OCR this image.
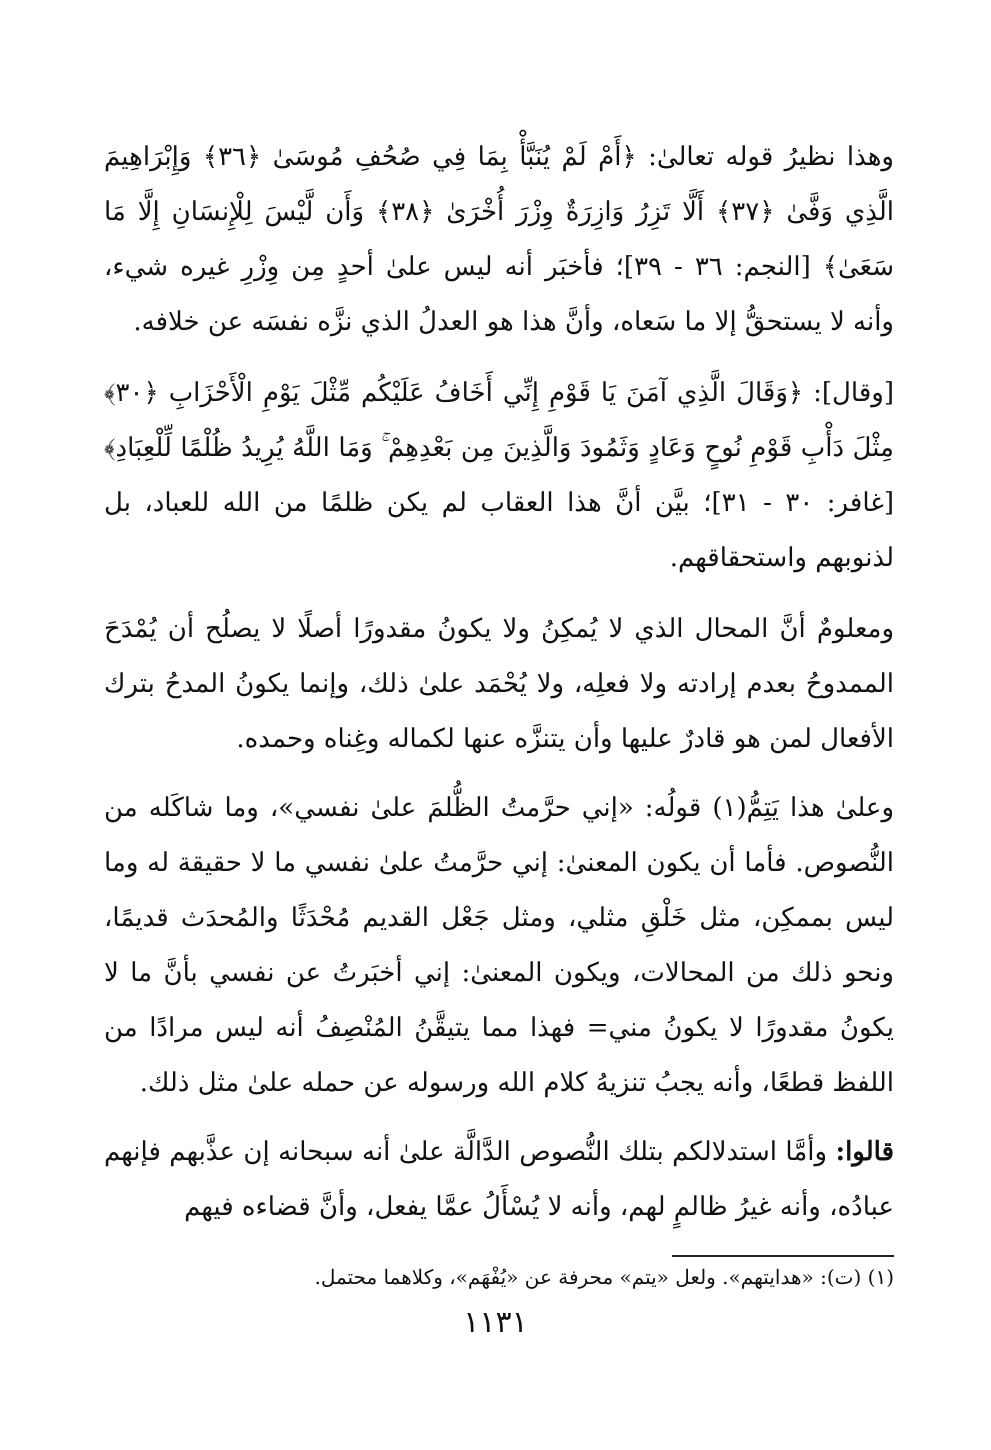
وهذا نظيرُ قوله تعالىٰ: ﴿أَمْ لَمْ يُنَبَّأْ بِمَا فِي صُحُفِ مُوسَىٰ ﴿٣٦﴾ وَإِبْرَاهِيمَ الَّذِي وَفَّىٰ ﴿٣٧﴾ أَلَّا تَزِرُ وَازِرَةٌ وِزْرَ أُخْرَىٰ ﴿٣٨﴾ وَأَن لَّيْسَ لِلْإِنسَانِ إِلَّا مَا سَعَىٰ﴾ [النجم: ٣٦ - ٣٩]؛ فأخبَر أنه ليس علىٰ أحدٍ مِن وِزْرِ غيره شيء، وأنه لا يستحقُّ إلا ما سَعاه، وأنَّ هذا هو العدلُ الذي نزَّه نفسَه عن خلافه.

[وقال]: ﴿وَقَالَ الَّذِي آمَنَ يَا قَوْمِ إِنِّي أَخَافُ عَلَيْكُم مِّثْلَ يَوْمِ الْأَحْزَابِ ﴿٣٠﴾ مِثْلَ دَأْبِ قَوْمِ نُوحٍ وَعَادٍ وَثَمُودَ وَالَّذِينَ مِن بَعْدِهِمْ ۚ وَمَا اللَّهُ يُرِيدُ ظُلْمًا لِّلْعِبَادِ﴾ [غافر: ٣٠ - ٣١]؛ بيَّن أنَّ هذا العقاب لم يكن ظلمًا من الله للعباد، بل لذنوبهم واستحقاقهم.

ومعلومٌ أنَّ المحال الذي لا يُمكِنُ ولا يكونُ مقدورًا أصلًا لا يصلُح أن يُمْدَحَ الممدوحُ بعدم إرادته ولا فعلِه، ولا يُحْمَد علىٰ ذلك، وإنما يكونُ المدحُ بترك الأفعال لمن هو قادرٌ عليها وأن يتنزَّه عنها لكماله وغِناه وحمده.

وعلىٰ هذا يَتِمُّ(١) قولُه: «إني حرَّمتُ الظُّلمَ علىٰ نفسي»، وما شاكَله من النُّصوص. فأما أن يكون المعنىٰ: إني حرَّمتُ علىٰ نفسي ما لا حقيقة له وما ليس بممكِن، مثل خَلْقِ مثلي، ومثل جَعْل القديم مُحْدَثًا والمُحدَث قديمًا، ونحو ذلك من المحالات، ويكون المعنىٰ: إني أخبَرتُ عن نفسي بأنَّ ما لا يكونُ مقدورًا لا يكونُ مني= فهذا مما يتيقَّنُ المُنْصِفُ أنه ليس مرادًا من اللفظ قطعًا، وأنه يجبُ تنزيهُ كلام الله ورسوله عن حمله علىٰ مثل ذلك.

قالوا: وأمَّا استدلالكم بتلك النُّصوص الدَّالَّة علىٰ أنه سبحانه إن عذَّبهم فإنهم عبادُه، وأنه غيرُ ظالمٍ لهم، وأنه لا يُسْأَلُ عمَّا يفعل، وأنَّ قضاءه فيهم

(١) (ت): «هدايتهم». ولعل «يتم» محرفة عن «يُفْهَم»، وكلاهما محتمل.
١١٣١
